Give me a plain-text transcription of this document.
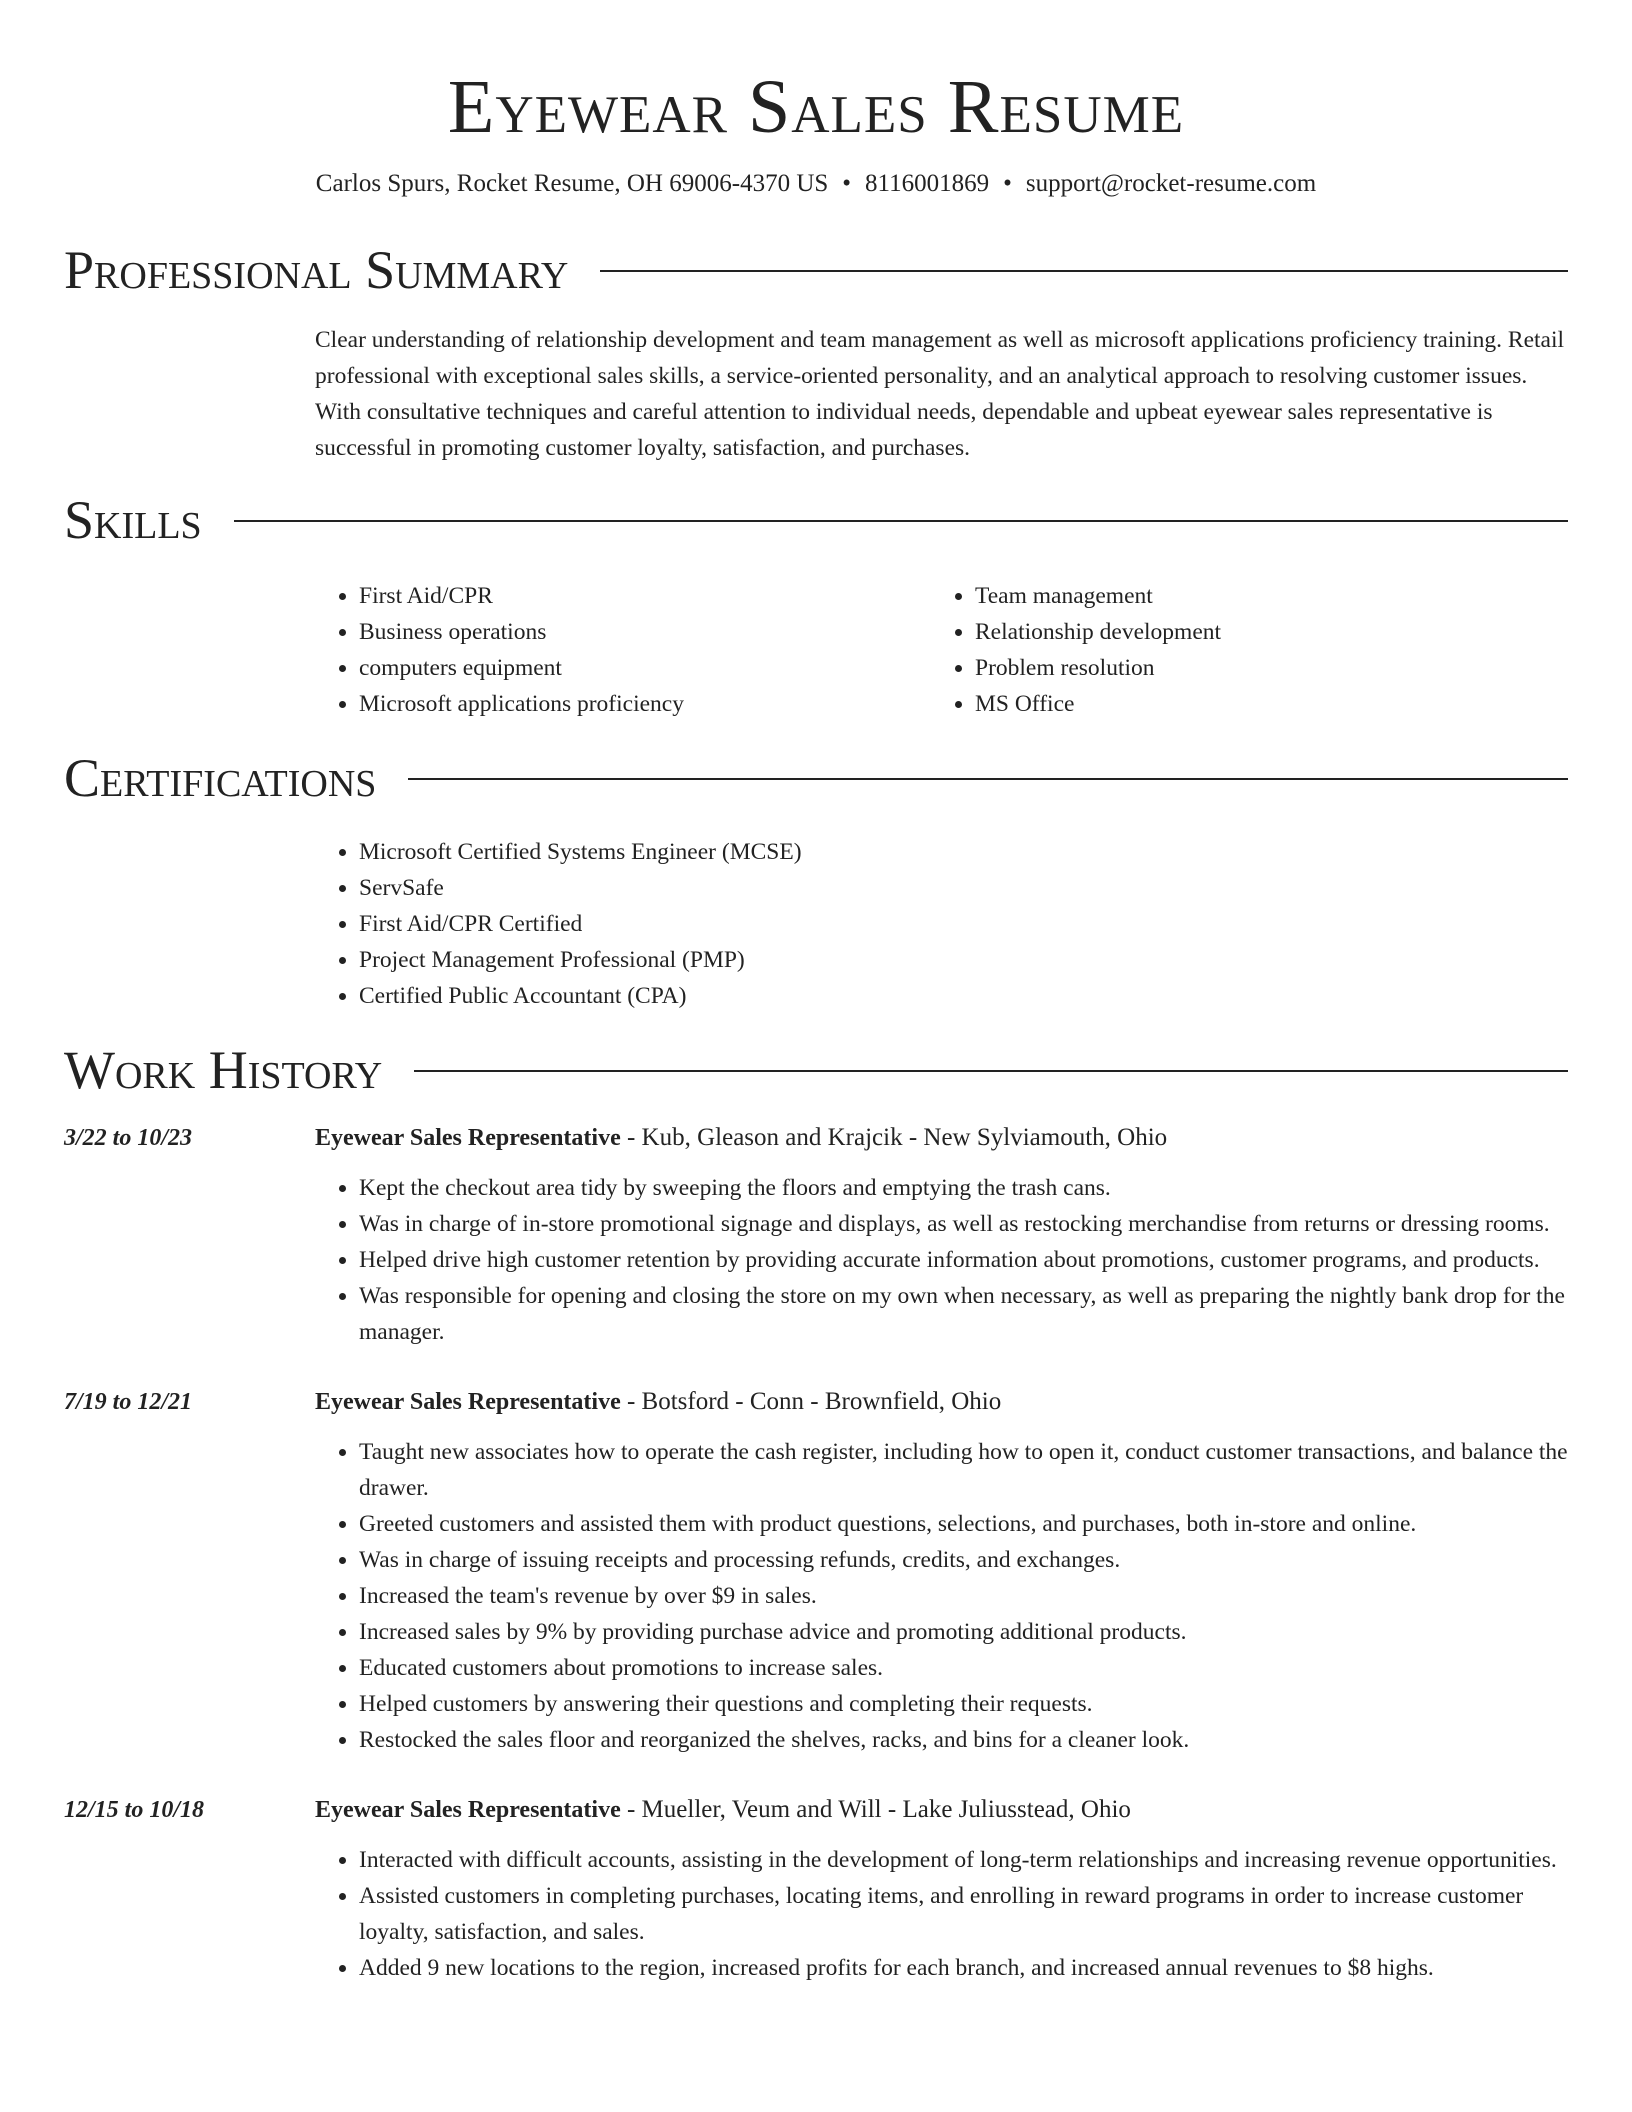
Eyewear Sales Resume
Carlos Spurs, Rocket Resume, OH 69006-4370 US • 8116001869 • support@rocket-resume.com
Professional Summary
Clear understanding of relationship development and team management as well as microsoft applications proficiency training. Retail professional with exceptional sales skills, a service-oriented personality, and an analytical approach to resolving customer issues. With consultative techniques and careful attention to individual needs, dependable and upbeat eyewear sales representative is successful in promoting customer loyalty, satisfaction, and purchases.
Skills
• First Aid/CPR
• Business operations
• computers equipment
• Microsoft applications proficiency
• Team management
• Relationship development
• Problem resolution
• MS Office
Certifications
• Microsoft Certified Systems Engineer (MCSE)
• ServSafe
• First Aid/CPR Certified
• Project Management Professional (PMP)
• Certified Public Accountant (CPA)
Work History
3/22 to 10/23	Eyewear Sales Representative - Kub, Gleason and Krajcik - New Sylviamouth, Ohio
• Kept the checkout area tidy by sweeping the floors and emptying the trash cans.
• Was in charge of in-store promotional signage and displays, as well as restocking merchandise from returns or dressing rooms.
• Helped drive high customer retention by providing accurate information about promotions, customer programs, and products.
• Was responsible for opening and closing the store on my own when necessary, as well as preparing the nightly bank drop for the manager.
7/19 to 12/21	Eyewear Sales Representative - Botsford - Conn - Brownfield, Ohio
• Taught new associates how to operate the cash register, including how to open it, conduct customer transactions, and balance the drawer.
• Greeted customers and assisted them with product questions, selections, and purchases, both in-store and online.
• Was in charge of issuing receipts and processing refunds, credits, and exchanges.
• Increased the team's revenue by over $9 in sales.
• Increased sales by 9% by providing purchase advice and promoting additional products.
• Educated customers about promotions to increase sales.
• Helped customers by answering their questions and completing their requests.
• Restocked the sales floor and reorganized the shelves, racks, and bins for a cleaner look.
12/15 to 10/18	Eyewear Sales Representative - Mueller, Veum and Will - Lake Juliusstead, Ohio
• Interacted with difficult accounts, assisting in the development of long-term relationships and increasing revenue opportunities.
• Assisted customers in completing purchases, locating items, and enrolling in reward programs in order to increase customer loyalty, satisfaction, and sales.
• Added 9 new locations to the region, increased profits for each branch, and increased annual revenues to $8 highs.
